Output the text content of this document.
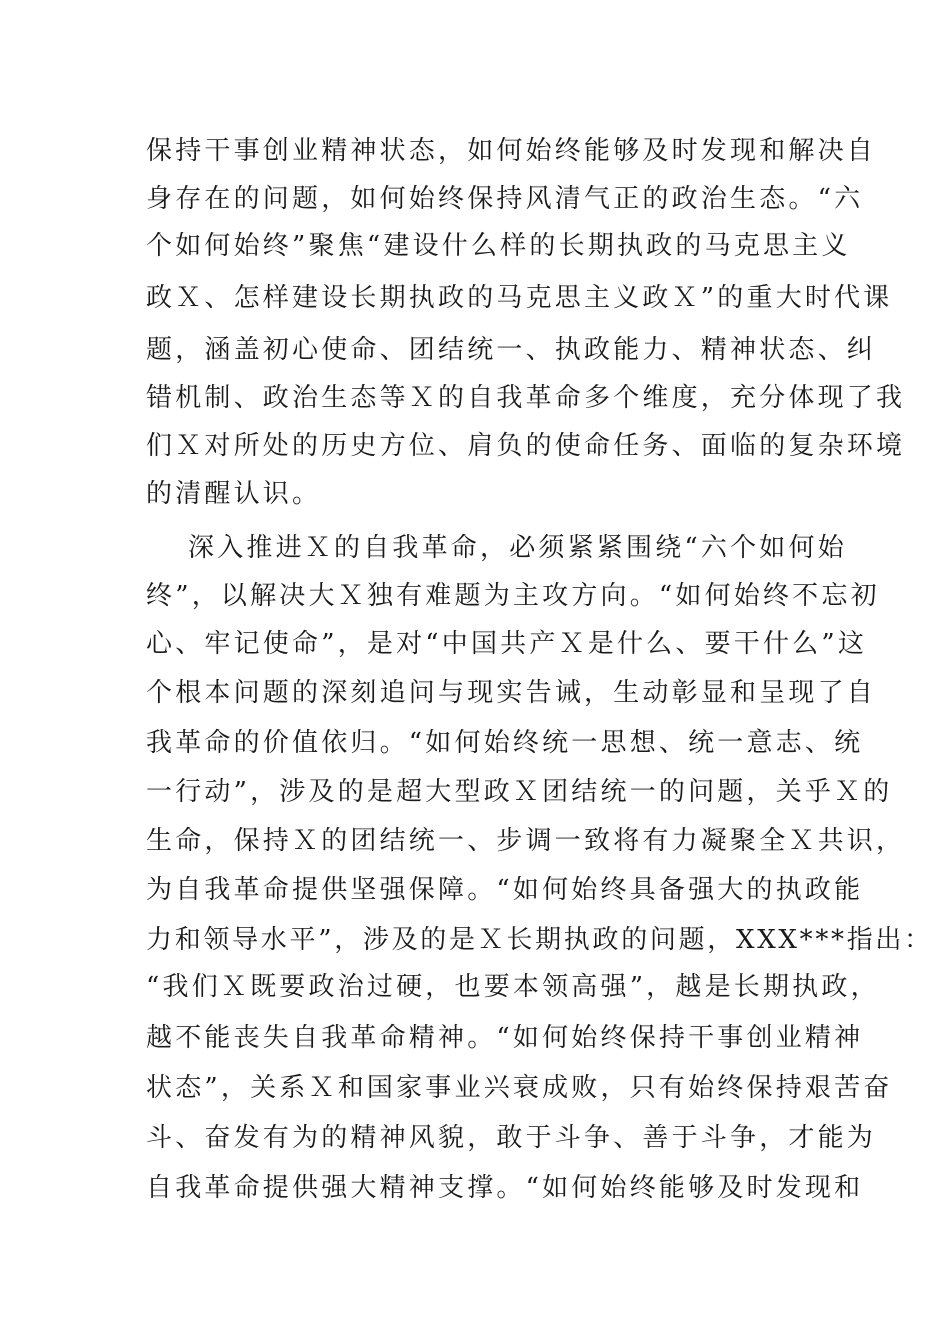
保持干事创业精神状态，如何始终能够及时发现和解决自
身存在的问题，如何始终保持风清气正的政治生态。“六
个如何始终”聚焦“建设什么样的长期执政的马克思主义
政Ｘ、怎样建设长期执政的马克思主义政Ｘ”的重大时代课
题，涵盖初心使命、团结统一、执政能力、精神状态、纠
错机制、政治生态等Ｘ的自我革命多个维度，充分体现了我
们Ｘ对所处的历史方位、肩负的使命任务、面临的复杂环境
的清醒认识。
深入推进Ｘ的自我革命，必须紧紧围绕“六个如何始
终”，以解决大Ｘ独有难题为主攻方向。“如何始终不忘初
心、牢记使命”，是对“中国共产Ｘ是什么、要干什么”这
个根本问题的深刻追问与现实告诫，生动彰显和呈现了自
我革命的价值依归。“如何始终统一思想、统一意志、统
一行动”，涉及的是超大型政Ｘ团结统一的问题，关乎Ｘ的
生命，保持Ｘ的团结统一、步调一致将有力凝聚全Ｘ共识，
为自我革命提供坚强保障。“如何始终具备强大的执政能
力和领导水平”，涉及的是Ｘ长期执政的问题，XXX***指出：
“我们Ｘ既要政治过硬，也要本领高强”，越是长期执政，
越不能丧失自我革命精神。“如何始终保持干事创业精神
状态”，关系Ｘ和国家事业兴衰成败，只有始终保持艰苦奋
斗、奋发有为的精神风貌，敢于斗争、善于斗争，才能为
自我革命提供强大精神支撑。“如何始终能够及时发现和
